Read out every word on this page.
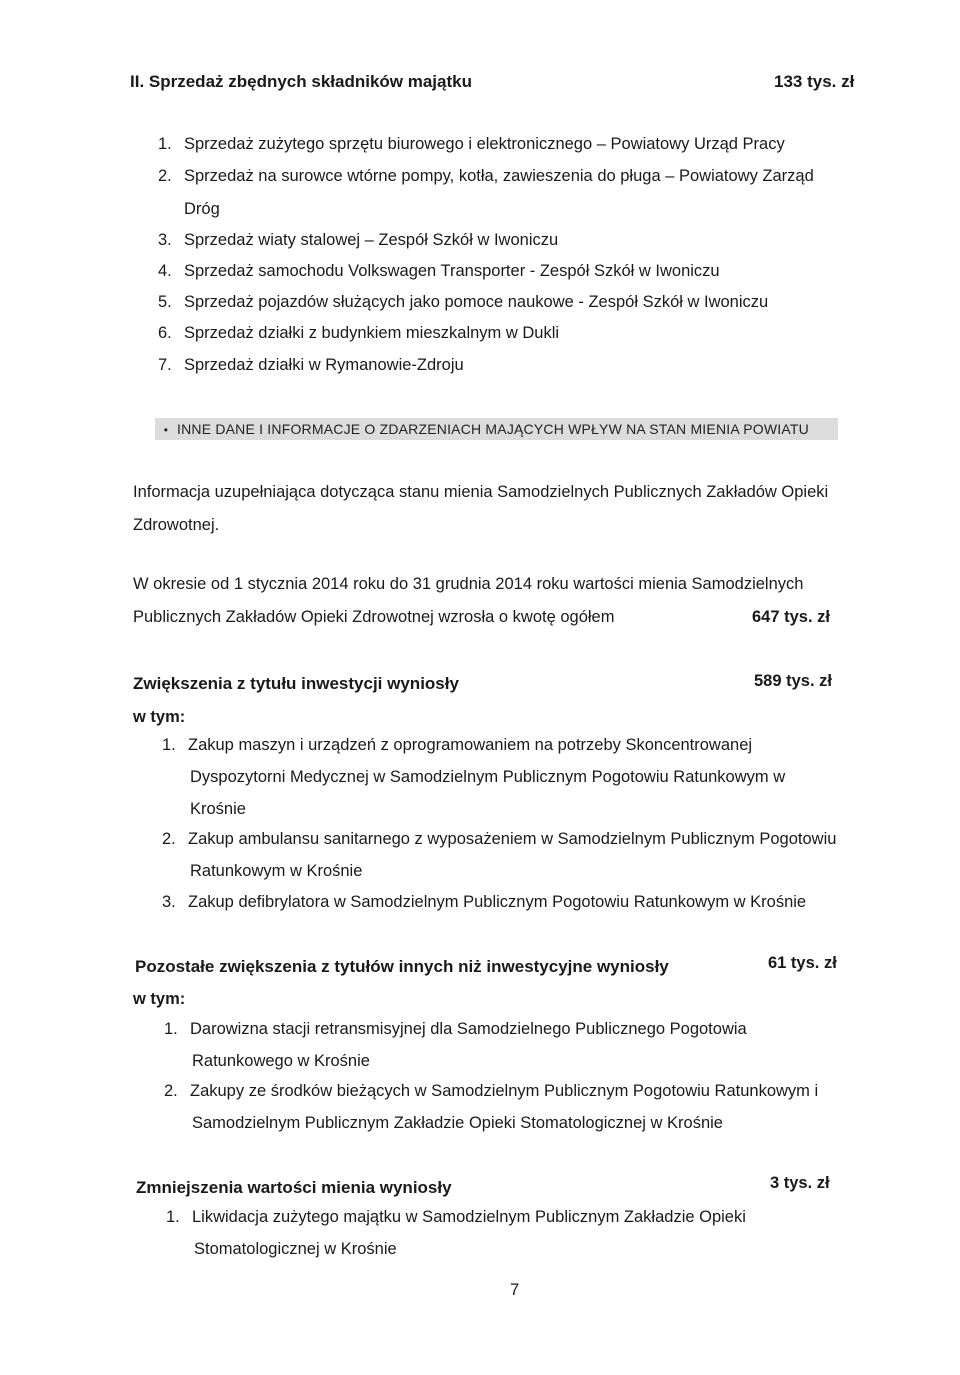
II. Sprzedaż zbędnych składników majątku	133 tys. zł
1. Sprzedaż zużytego sprzętu biurowego i elektronicznego – Powiatowy Urząd Pracy
2. Sprzedaż na surowce wtórne pompy, kotła, zawieszenia do pługa – Powiatowy Zarząd
Dróg
3. Sprzedaż wiaty stalowej – Zespół Szkół w Iwoniczu
4. Sprzedaż samochodu Volkswagen Transporter - Zespół Szkół w Iwoniczu
5. Sprzedaż pojazdów służących jako pomoce naukowe - Zespół Szkół w Iwoniczu
6. Sprzedaż działki z budynkiem mieszkalnym w Dukli
7. Sprzedaż działki w Rymanowie-Zdroju
• INNE DANE I INFORMACJE O ZDARZENIACH MAJĄCYCH WPŁYW NA STAN MIENIA POWIATU
Informacja uzupełniająca dotycząca stanu mienia Samodzielnych Publicznych Zakładów Opieki
Zdrowotnej.
W okresie od 1 stycznia 2014 roku do 31 grudnia 2014 roku wartości mienia Samodzielnych
Publicznych Zakładów Opieki Zdrowotnej wzrosła o kwotę ogółem	647 tys. zł
Zwiększenia z tytułu inwestycji wyniosły	589 tys. zł
w tym:
1. Zakup maszyn i urządzeń z oprogramowaniem na potrzeby Skoncentrowanej
Dyspozytorni Medycznej w Samodzielnym Publicznym Pogotowiu Ratunkowym w
Krośnie
2. Zakup ambulansu sanitarnego z wyposażeniem w Samodzielnym Publicznym Pogotowiu
Ratunkowym w Krośnie
3. Zakup defibrylatora w Samodzielnym Publicznym Pogotowiu Ratunkowym w Krośnie
Pozostałe zwiększenia z tytułów innych niż inwestycyjne wyniosły	61 tys. zł
w tym:
1. Darowizna stacji retransmisyjnej dla Samodzielnego Publicznego Pogotowia
Ratunkowego w Krośnie
2. Zakupy ze środków bieżących w Samodzielnym Publicznym Pogotowiu Ratunkowym i
Samodzielnym Publicznym Zakładzie Opieki Stomatologicznej w Krośnie
Zmniejszenia wartości mienia wyniosły	3 tys. zł
1. Likwidacja zużytego majątku w Samodzielnym Publicznym Zakładzie Opieki
Stomatologicznej w Krośnie
7
